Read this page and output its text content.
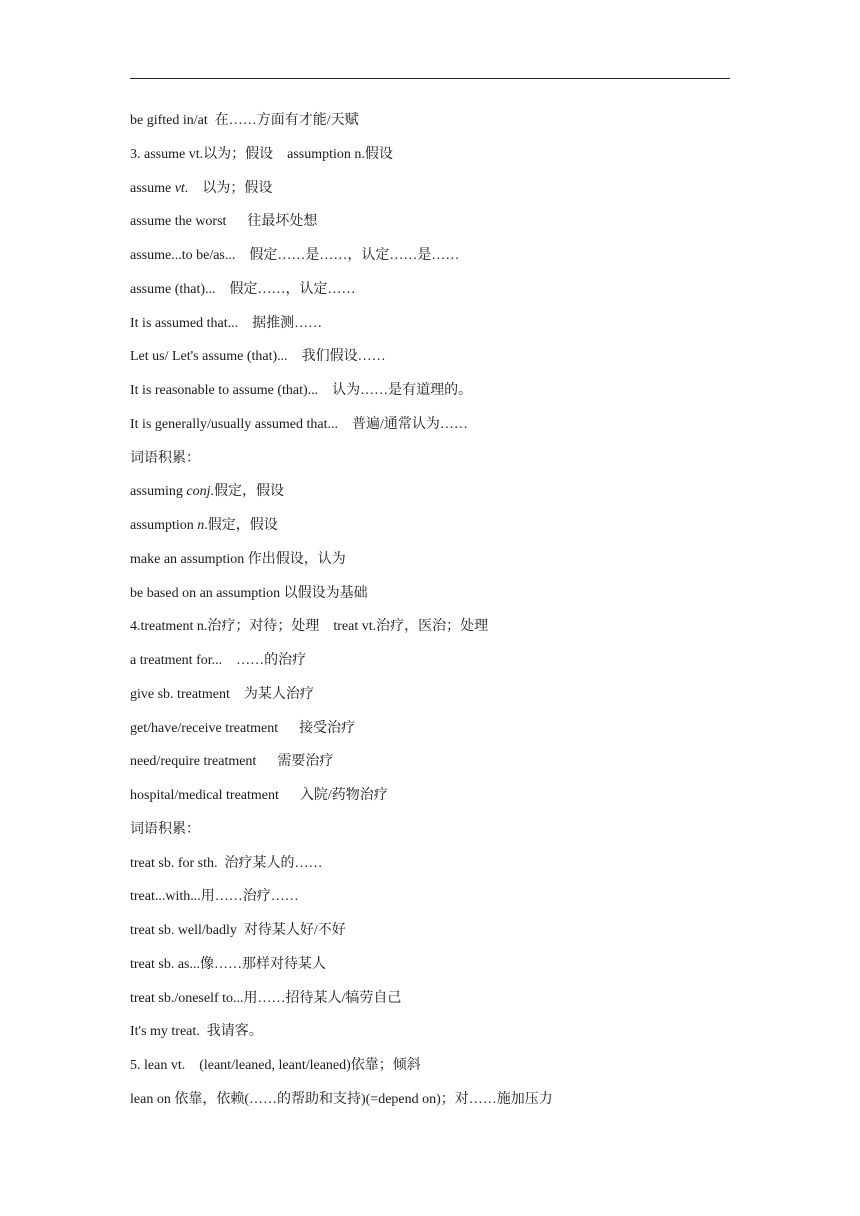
be gifted in/at  在……方面有才能/天赋
3. assume vt.以为；假设    assumption n.假设
assume vt.    以为；假设
assume the worst      往最坏处想
assume...to be/as...    假定……是……，认定……是……
assume (that)...    假定……，认定……
It is assumed that...    据推测……
Let us/ Let's assume (that)...    我们假设……
It is reasonable to assume (that)...    认为……是有道理的。
It is generally/usually assumed that...    普遍/通常认为……
词语积累：
assuming conj.假定，假设
assumption n.假定，假设
make an assumption 作出假设，认为
be based on an assumption 以假设为基础
4.treatment n.治疗；对待；处理    treat vt.治疗，医治；处理
a treatment for...    ……的治疗
give sb. treatment    为某人治疗
get/have/receive treatment      接受治疗
need/require treatment      需要治疗
hospital/medical treatment      入院/药物治疗
词语积累：
treat sb. for sth.  治疗某人的……
treat...with...用……治疗……
treat sb. well/badly  对待某人好/不好
treat sb. as...像……那样对待某人
treat sb./oneself to...用……招待某人/犒劳自己
It's my treat.  我请客。
5. lean vt.    (leant/leaned, leant/leaned)依靠；倾斜
lean on 依靠，依赖(……的帮助和支持)(=depend on)；对……施加压力
